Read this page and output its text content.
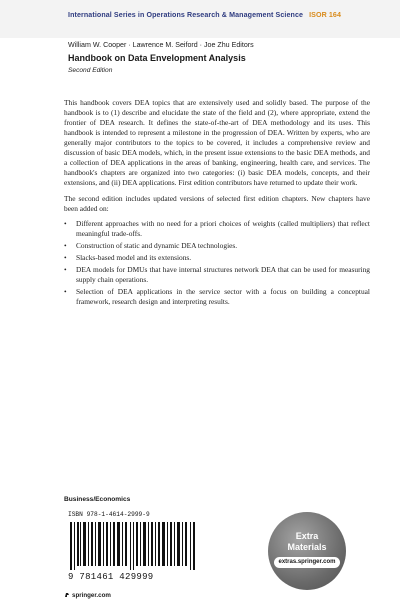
International Series in Operations Research & Management Science ISOR 164
William W. Cooper · Lawrence M. Seiford · Joe Zhu Editors
Handbook on Data Envelopment Analysis
Second Edition

This handbook covers DEA topics that are extensively used and solidly based. The purpose of the handbook is to (1) describe and elucidate the state of the field and (2), where appropriate, extend the frontier of DEA research. It defines the state-of-the-art of DEA methodology and its uses. This handbook is intended to represent a milestone in the progression of DEA. Written by experts, who are generally major contributors to the topics to be covered, it includes a comprehensive review and discussion of basic DEA models, which, in the present issue extensions to the basic DEA methods, and a collection of DEA applications in the areas of banking, engineering, health care, and services. The handbook's chapters are organized into two categories: (i) basic DEA models, concepts, and their extensions, and (ii) DEA applications. First edition contributors have returned to update their work.

The second edition includes updated versions of selected first edition chapters. New chapters have been added on:

• Different approaches with no need for a priori choices of weights (called multipliers) that reflect meaningful trade-offs.
• Construction of static and dynamic DEA technologies.
• Slacks-based model and its extensions.
• DEA models for DMUs that have internal structures network DEA that can be used for measuring supply chain operations.
• Selection of DEA applications in the service sector with a focus on building a conceptual framework, research design and interpreting results.
Business/Economics
ISBN 978-1-4614-2999-9
9 781461 429999
springer.com
Extra
Materials
extras.springer.com
